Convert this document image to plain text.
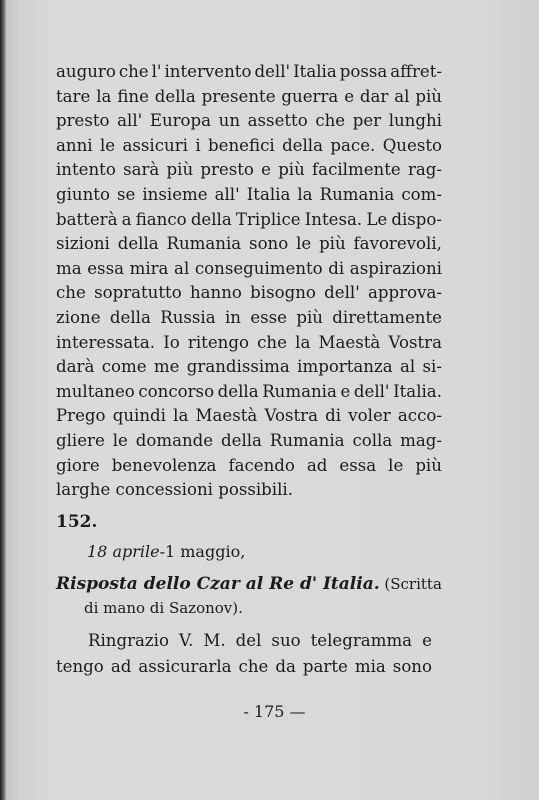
auguro che l' intervento dell' Italia possa affret-
tare la fine della presente guerra e dar al più
presto all' Europa un assetto che per lunghi
anni le assicuri i benefici della pace. Questo
intento sarà più presto e più facilmente rag-
giunto se insieme all' Italia la Rumania com-
batterà a fianco della Triplice Intesa. Le dispo-
sizioni della Rumania sono le più favorevoli,
ma essa mira al conseguimento di aspirazioni
che sopratutto hanno bisogno dell' approva-
zione della Russia in esse più direttamente
interessata. Io ritengo che la Maestà Vostra
darà come me grandissima importanza al si-
multaneo concorso della Rumania e dell' Italia.
Prego quindi la Maestà Vostra di voler acco-
gliere le domande della Rumania colla mag-
giore benevolenza facendo ad essa le più
larghe concessioni possibili.
152.
18 aprile-1 maggio,
Risposta dello Czar al Re d' Italia. (Scritta
di mano di Sazonov).
Ringrazio V. M. del suo telegramma e
tengo ad assicurarla che da parte mia sono
- 175 —
